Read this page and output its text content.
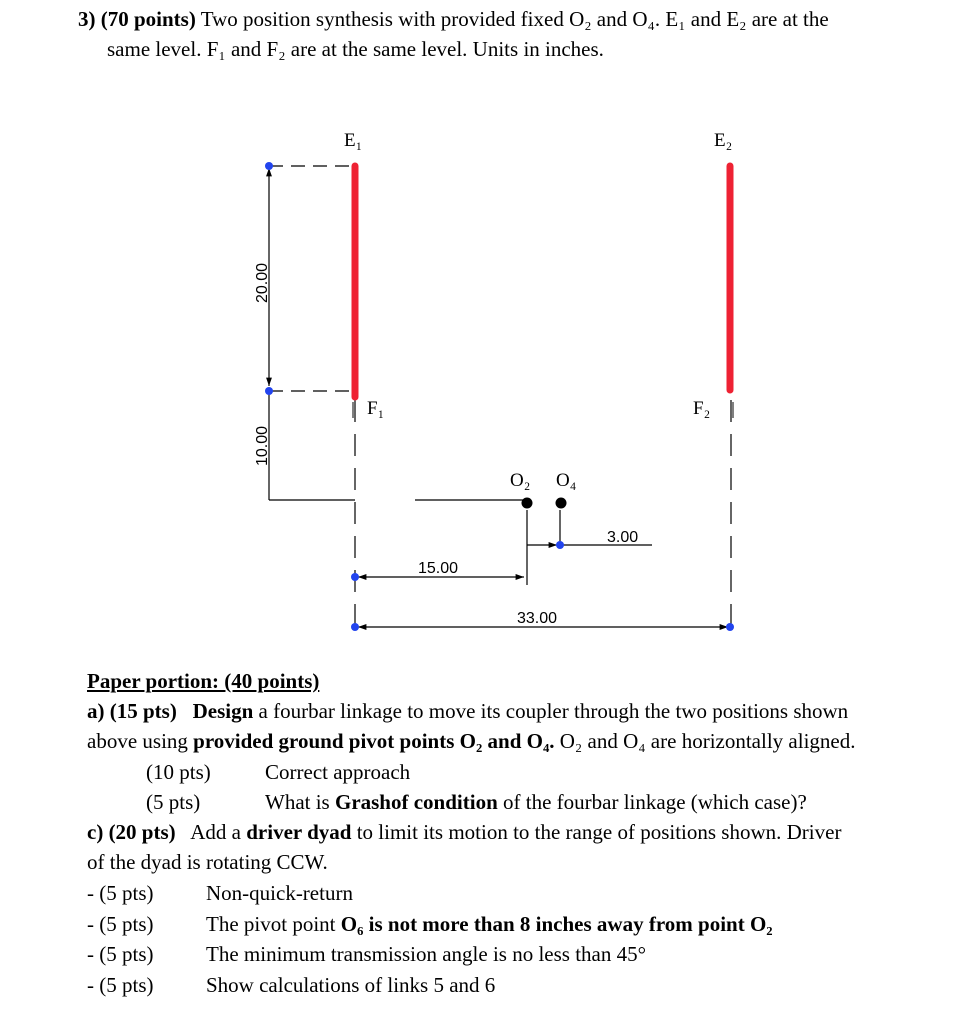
3) (70 points) Two position synthesis with provided fixed O₂ and O₄. E₁ and E₂ are at the
same level. F₁ and F₂ are at the same level. Units in inches.
E₁	E₂
F₁	F₂
O₂ O₄
20.00
10.00
15.00
3.00
33.00
Paper portion: (40 points)
a) (15 pts) Design a fourbar linkage to move its coupler through the two positions shown
above using provided ground pivot points O₂ and O₄. O₂ and O₄ are horizontally aligned.
(10 pts)	Correct approach
(5 pts)	What is Grashof condition of the fourbar linkage (which case)?
c) (20 pts) Add a driver dyad to limit its motion to the range of positions shown. Driver
of the dyad is rotating CCW.
- (5 pts)	Non-quick-return
- (5 pts)	The pivot point O₆ is not more than 8 inches away from point O₂
- (5 pts)	The minimum transmission angle is no less than 45°
- (5 pts)	Show calculations of links 5 and 6
